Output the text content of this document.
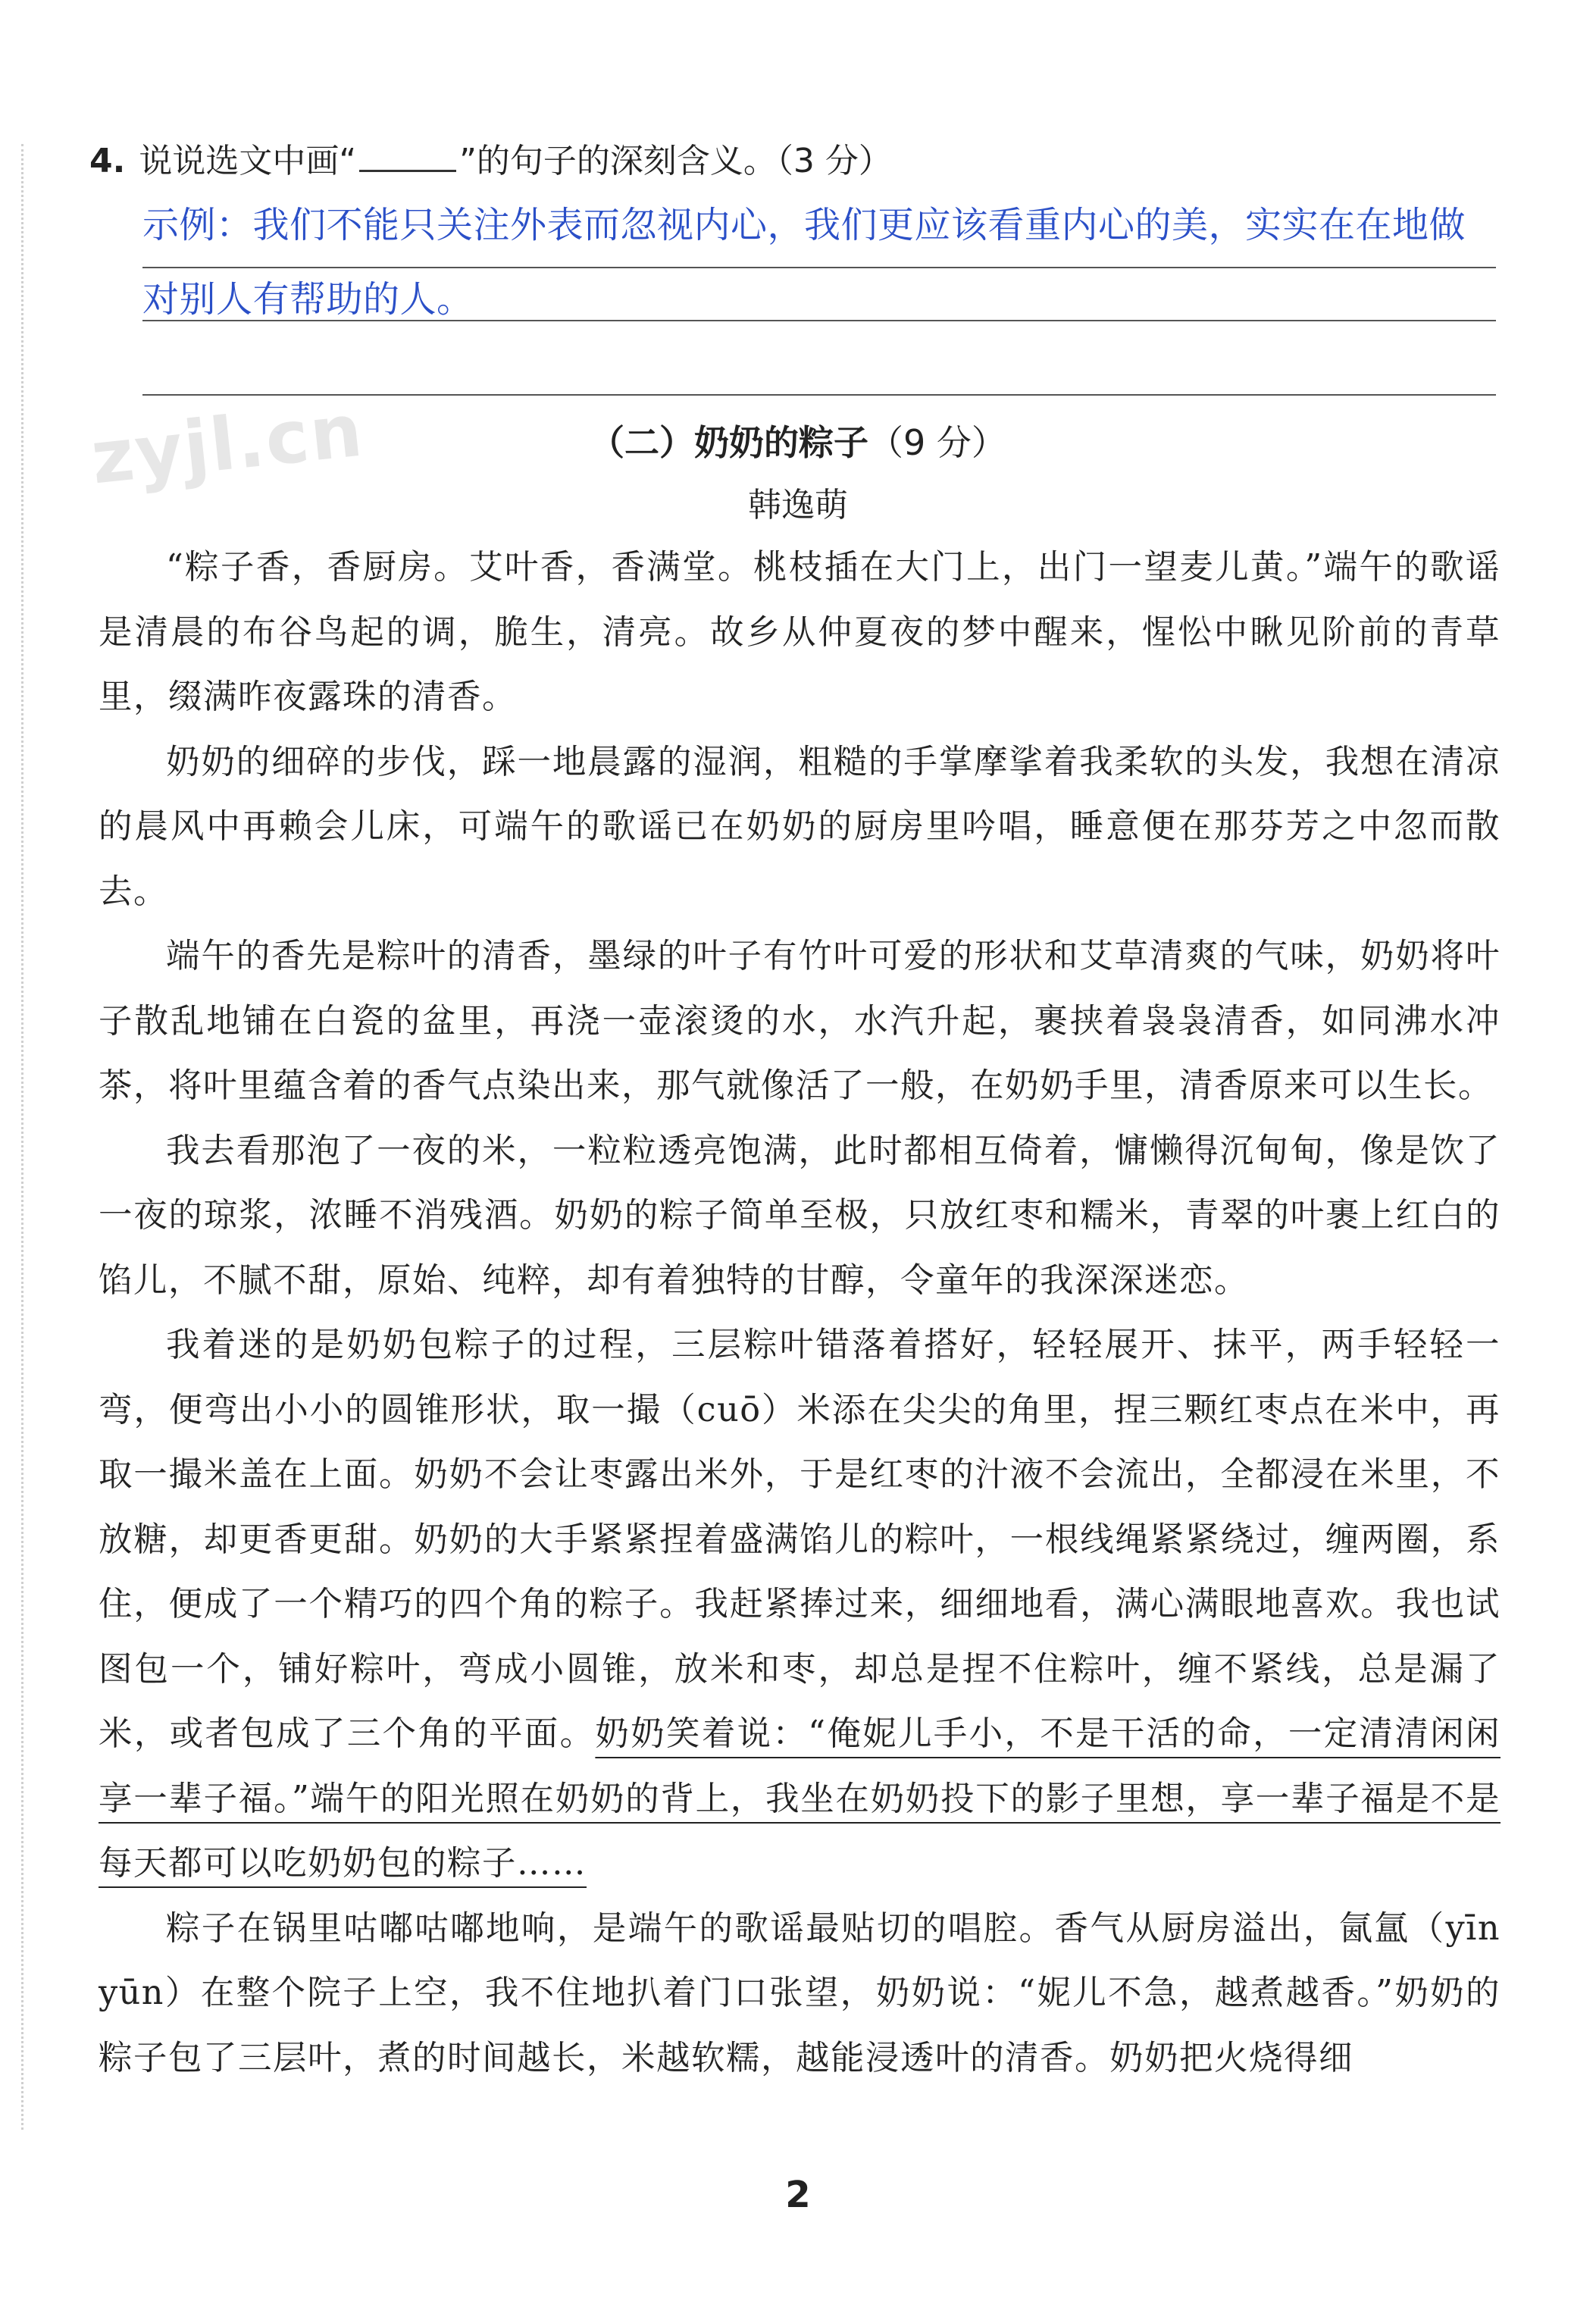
4. 说说选文中画“	”的句子的深刻含义。（3 分）
示例：我们不能只关注外表而忽视内心，我们更应该看重内心的美，实实在在地做
对别人有帮助的人。
zyjl.cn	（二）奶奶的粽子（9 分）
韩逸萌

“粽子香，香厨房。艾叶香，香满堂。桃枝插在大门上，出门一望麦儿黄。”端午的歌谣是清晨的布谷鸟起的调，脆生，清亮。故乡从仲夏夜的梦中醒来，惺忪中瞅见阶前的青草里，缀满昨夜露珠的清香。

奶奶的细碎的步伐，踩一地晨露的湿润，粗糙的手掌摩挲着我柔软的头发，我想在清凉的晨风中再赖会儿床，可端午的歌谣已在奶奶的厨房里吟唱，睡意便在那芬芳之中忽而散去。

端午的香先是粽叶的清香，墨绿的叶子有竹叶可爱的形状和艾草清爽的气味，奶奶将叶子散乱地铺在白瓷的盆里，再浇一壶滚烫的水，水汽升起，裹挟着袅袅清香，如同沸水冲茶，将叶里蕴含着的香气点染出来，那气就像活了一般，在奶奶手里，清香原来可以生长。

我去看那泡了一夜的米，一粒粒透亮饱满，此时都相互倚着，慵懒得沉甸甸，像是饮了一夜的琼浆，浓睡不消残酒。奶奶的粽子简单至极，只放红枣和糯米，青翠的叶裹上红白的馅儿，不腻不甜，原始、纯粹，却有着独特的甘醇，令童年的我深深迷恋。

我着迷的是奶奶包粽子的过程，三层粽叶错落着搭好，轻轻展开、抹平，两手轻轻一弯，便弯出小小的圆锥形状，取一撮（cuō）米添在尖尖的角里，捏三颗红枣点在米中，再取一撮米盖在上面。奶奶不会让枣露出米外，于是红枣的汁液不会流出，全都浸在米里，不放糖，却更香更甜。奶奶的大手紧紧捏着盛满馅儿的粽叶，一根线绳紧紧绕过，缠两圈，系住，便成了一个精巧的四个角的粽子。我赶紧捧过来，细细地看，满心满眼地喜欢。我也试图包一个，铺好粽叶，弯成小圆锥，放米和枣，却总是捏不住粽叶，缠不紧线，总是漏了米，或者包成了三个角的平面。奶奶笑着说：“俺妮儿手小，不是干活的命，一定清清闲闲享一辈子福。”端午的阳光照在奶奶的背上，我坐在奶奶投下的影子里想，享一辈子福是不是每天都可以吃奶奶包的粽子……

粽子在锅里咕嘟咕嘟地响，是端午的歌谣最贴切的唱腔。香气从厨房溢出，氤氲（yīn yūn）在整个院子上空，我不住地扒着门口张望，奶奶说：“妮儿不急，越煮越香。”奶奶的粽子包了三层叶，煮的时间越长，米越软糯，越能浸透叶的清香。奶奶把火烧得细

2
